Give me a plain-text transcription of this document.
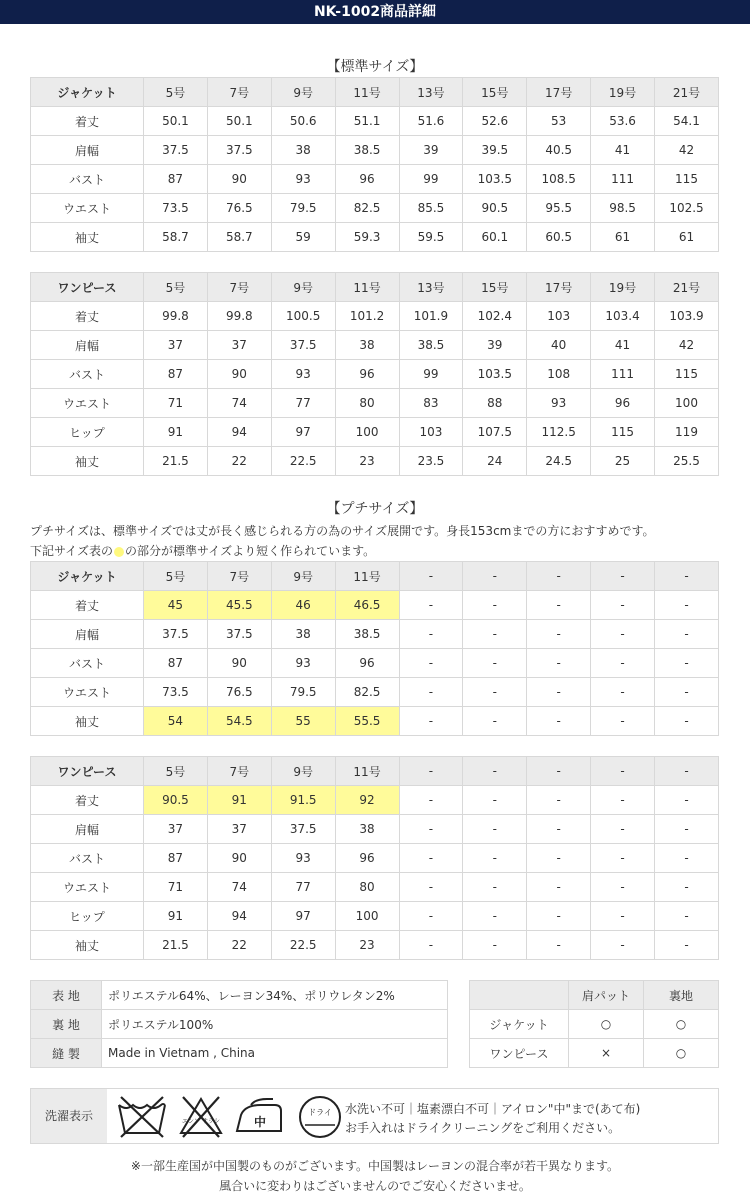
NK-1002商品詳細
【標準サイズ】
ジャケット	5号	7号	9号	11号	13号	15号	17号	19号	21号
着丈	50.1	50.1	50.6	51.1	51.6	52.6	53	53.6	54.1
肩幅	37.5	37.5	38	38.5	39	39.5	40.5	41	42
バスト	87	90	93	96	99	103.5	108.5	111	115
ウエスト	73.5	76.5	79.5	82.5	85.5	90.5	95.5	98.5	102.5
袖丈	58.7	58.7	59	59.3	59.5	60.1	60.5	61	61
ワンピース	5号	7号	9号	11号	13号	15号	17号	19号	21号
着丈	99.8	99.8	100.5	101.2	101.9	102.4	103	103.4	103.9
肩幅	37	37	37.5	38	38.5	39	40	41	42
バスト	87	90	93	96	99	103.5	108	111	115
ウエスト	71	74	77	80	83	88	93	96	100
ヒップ	91	94	97	100	103	107.5	112.5	115	119
袖丈	21.5	22	22.5	23	23.5	24	24.5	25	25.5
【プチサイズ】
プチサイズは、標準サイズでは丈が長く感じられる方の為のサイズ展開です。身長153cmまでの方におすすめです。
下記サイズ表の の部分が標準サイズより短く作られています。
ジャケット	5号	7号	9号	11号	-	-	-	-	-
着丈	45	45.5	46	46.5	-	-	-	-	-
肩幅	37.5	37.5	38	38.5	-	-	-	-	-
バスト	87	90	93	96	-	-	-	-	-
ウエスト	73.5	76.5	79.5	82.5	-	-	-	-	-
袖丈	54	54.5	55	55.5	-	-	-	-	-
ワンピース	5号	7号	9号	11号	-	-	-	-	-
着丈	90.5	91	91.5	92	-	-	-	-	-
肩幅	37	37	37.5	38	-	-	-	-	-
バスト	87	90	93	96	-	-	-	-	-
ウエスト	71	74	77	80	-	-	-	-	-
ヒップ	91	94	97	100	-	-	-	-	-
袖丈	21.5	22	22.5	23	-	-	-	-	-
表 地	ポリエステル64%、レーヨン34%、ポリウレタン2%
裏 地	ポリエステル100%
縫 製	Made in Vietnam , China
	肩パット	裏地
ジャケット	○	○
ワンピース	×	○
洗濯表示	エンソ サラシ	中
ドライ 水洗い不可｜塩素漂白不可｜アイロン"中"まで(あて布)
お手入れはドライクリーニングをご利用ください。
※一部生産国が中国製のものがございます。中国製はレーヨンの混合率が若干異なります。
風合いに変わりはございませんのでご安心くださいませ。
